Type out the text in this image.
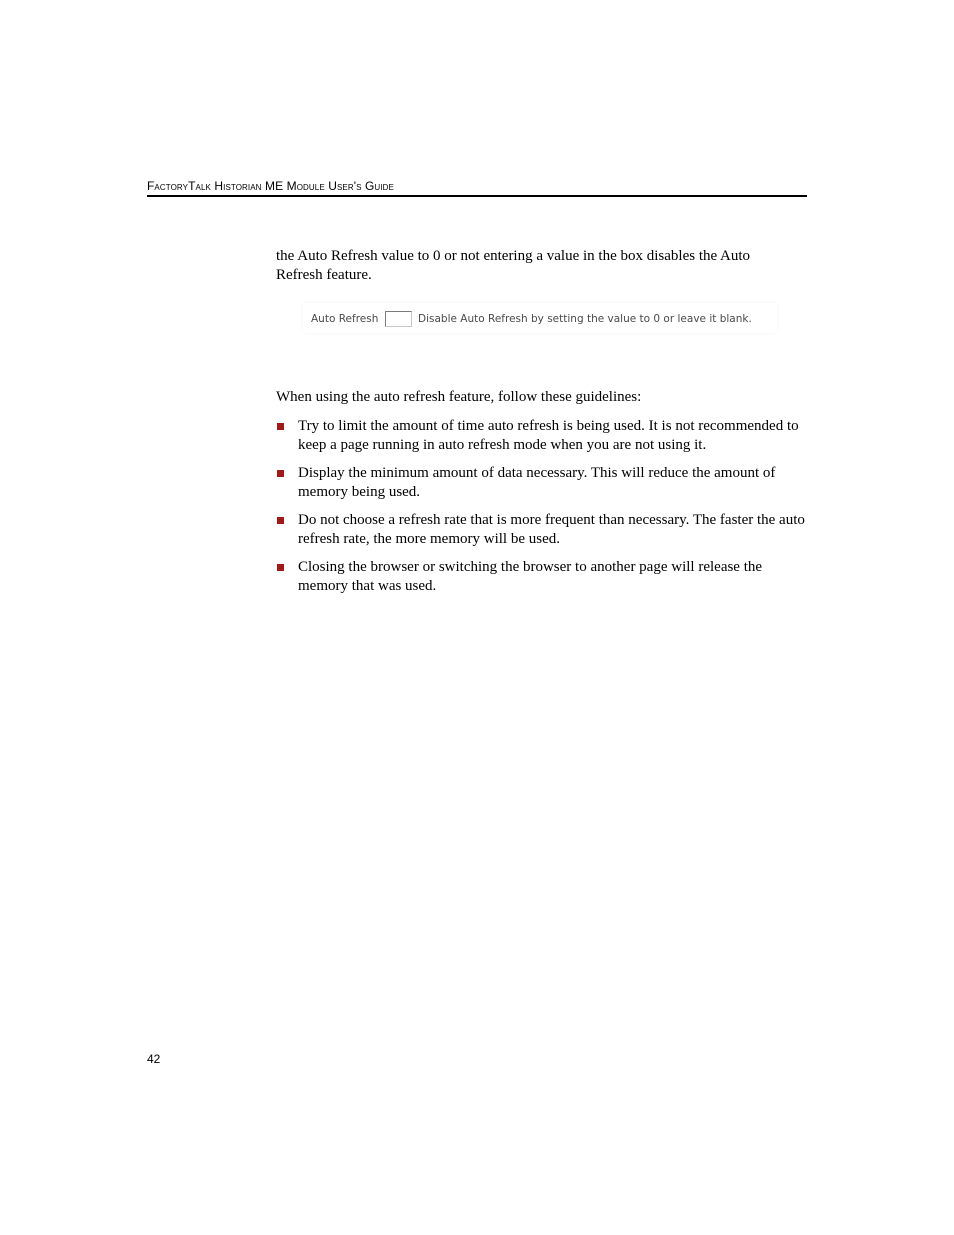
FactoryTalk Historian ME Module User's Guide

the Auto Refresh value to 0 or not entering a value in the box disables the Auto Refresh feature.

Auto Refresh	Disable Auto Refresh by setting the value to 0 or leave it blank.

When using the auto refresh feature, follow these guidelines:

Try to limit the amount of time auto refresh is being used. It is not recommended to keep a page running in auto refresh mode when you are not using it.
Display the minimum amount of data necessary. This will reduce the amount of memory being used.
Do not choose a refresh rate that is more frequent than necessary. The faster the auto refresh rate, the more memory will be used.
Closing the browser or switching the browser to another page will release the memory that was used.
42
